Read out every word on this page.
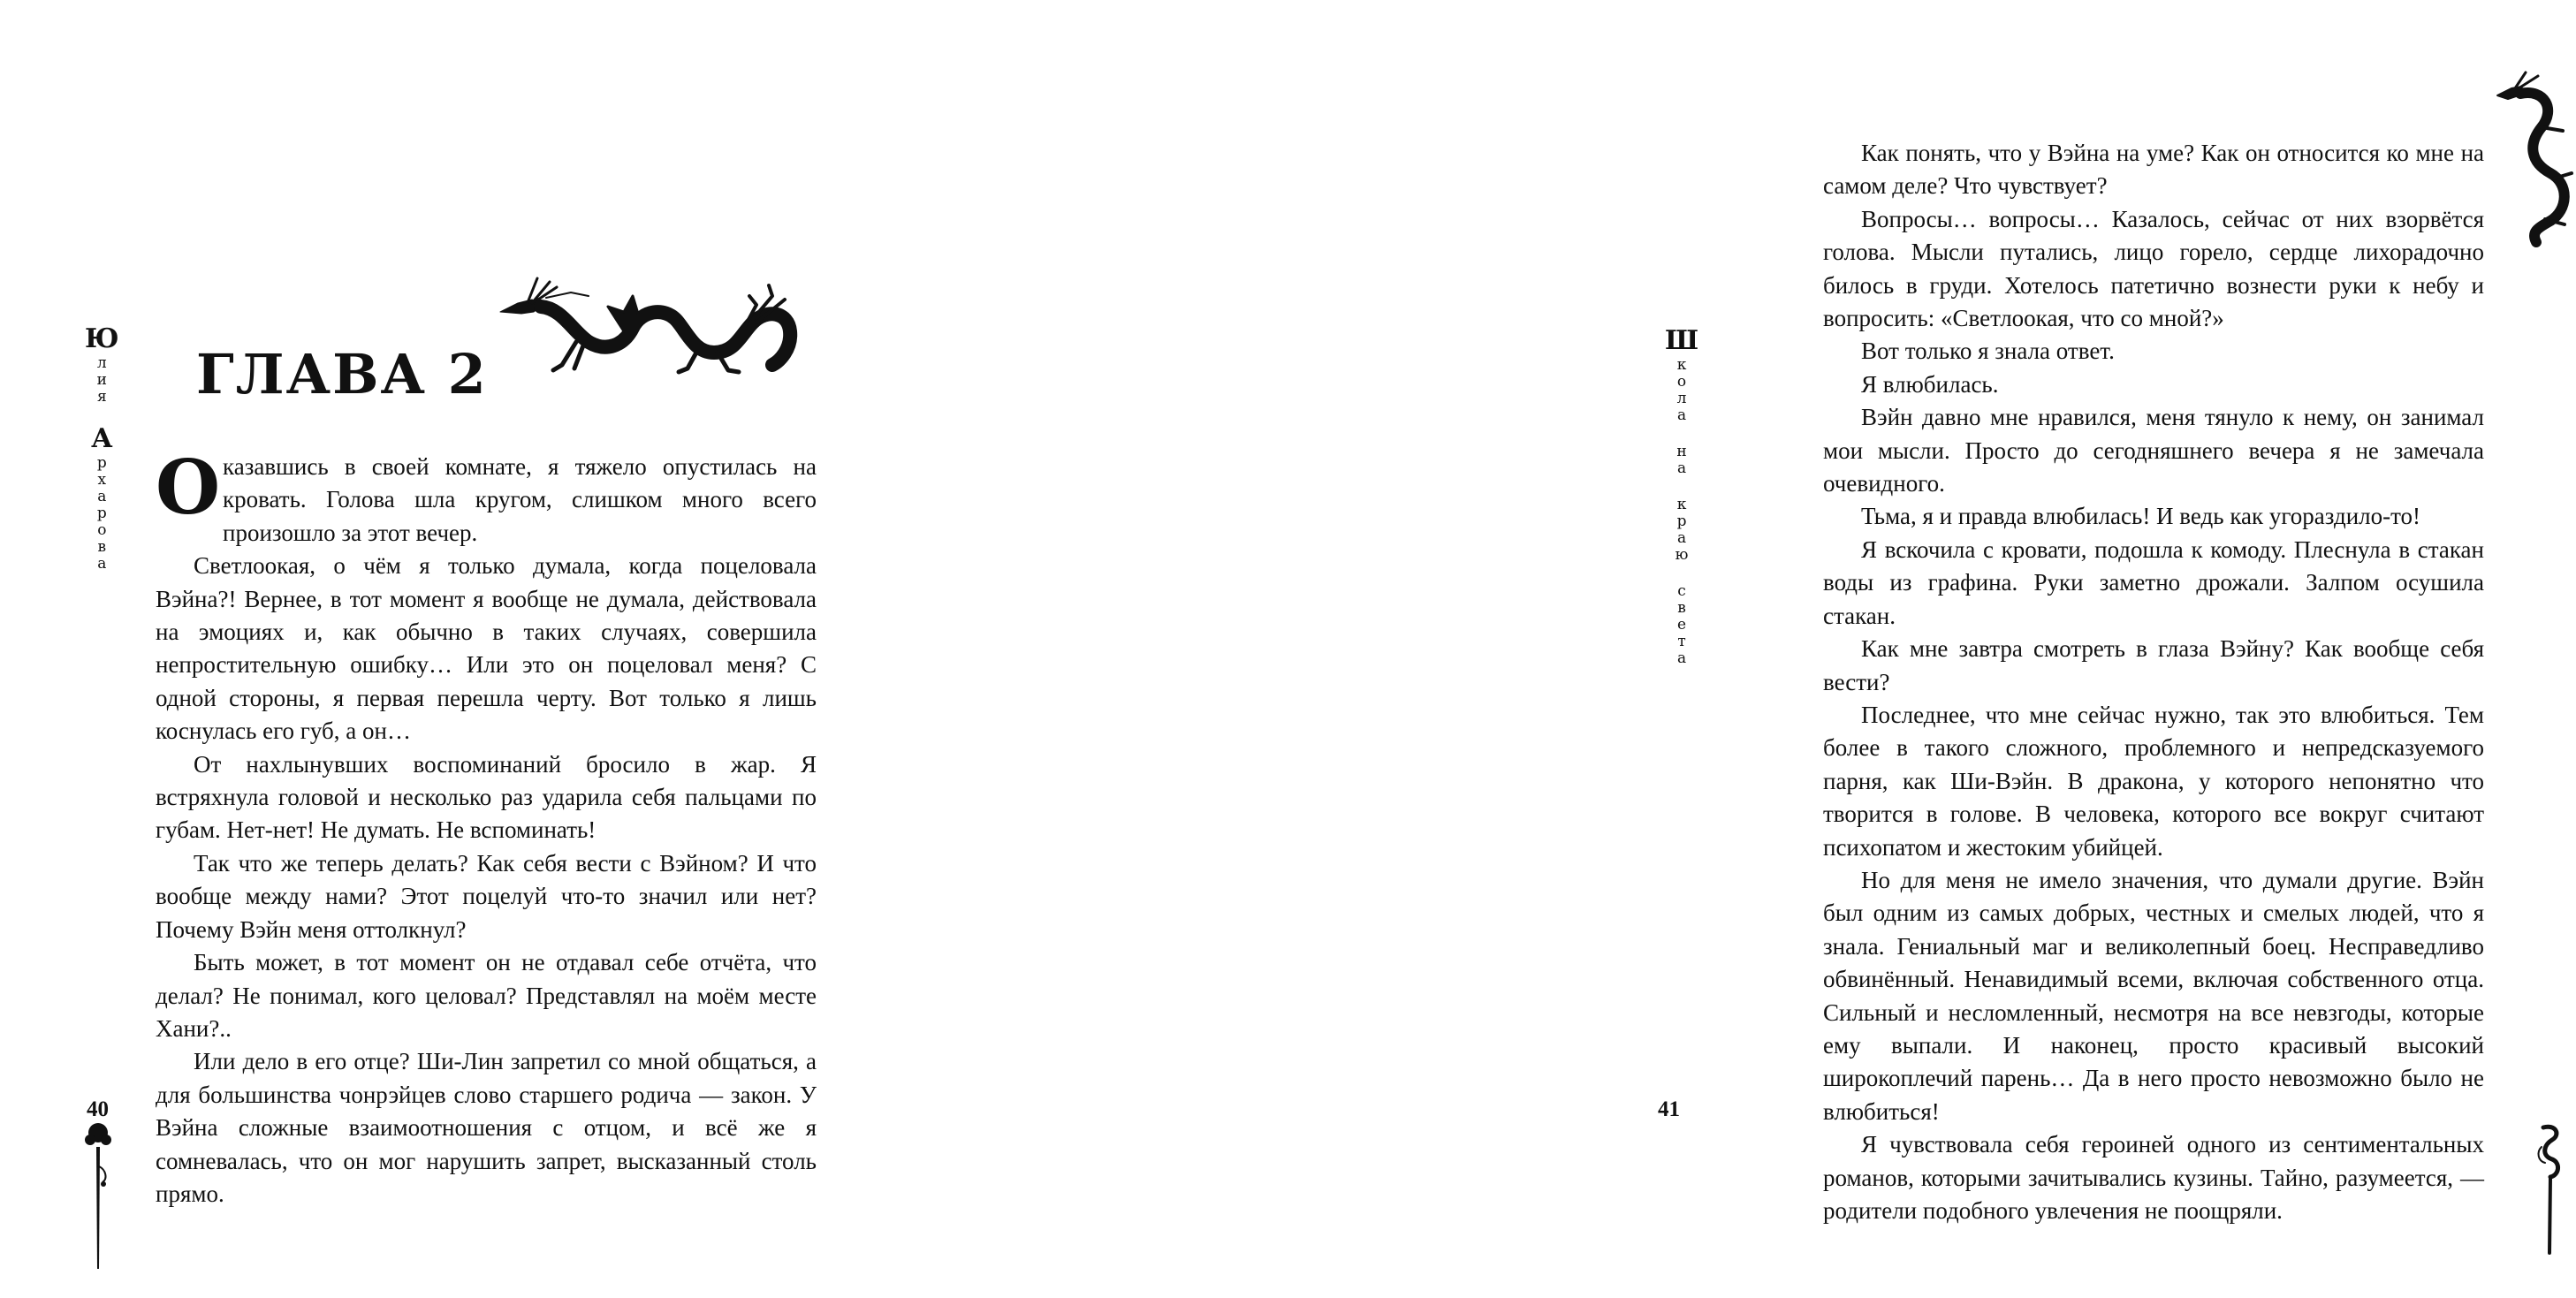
Ю
л
и
я
А
р
х
а
р
о
в
а
ГЛАВА 2

Оказавшись в своей комнате, я тяжело опустилась на кровать. Голова шла кругом, слишком много всего произошло за этот вечер.

Светлоокая, о чём я только думала, когда поцеловала Вэйна?! Вернее, в тот момент я вообще не думала, действовала на эмоциях и, как обычно в таких случаях, совершила непростительную ошибку… Или это он поцеловал меня? С одной стороны, я первая перешла черту. Вот только я лишь коснулась его губ, а он…

От нахлынувших воспоминаний бросило в жар. Я встряхнула головой и несколько раз ударила себя пальцами по губам. Нет-нет! Не думать. Не вспоминать!

Так что же теперь делать? Как себя вести с Вэйном? И что вообще между нами? Этот поцелуй что-то значил или нет? Почему Вэйн меня оттолкнул?

Быть может, в тот момент он не отдавал себе отчёта, что делал? Не понимал, кого целовал? Представлял на моём месте Хани?..

Или дело в его отце? Ши-Лин запретил со мной общаться, а для большинства чонрэйцев слово старшего родича — закон. У Вэйна сложные взаимоотношения с отцом, и всё же я сомневалась, что он мог нарушить запрет, высказанный столь прямо.

40
Ш
к
о
л
а
н
а
к
р
а
ю
с
в
е
т
а

Как понять, что у Вэйна на уме? Как он относится ко мне на самом деле? Что чувствует?

Вопросы… вопросы… Казалось, сейчас от них взорвётся голова. Мысли путались, лицо горело, сердце лихорадочно билось в груди. Хотелось патетично вознести руки к небу и вопросить: «Светлоокая, что со мной?»

Вот только я знала ответ.

Я влюбилась.

Вэйн давно мне нравился, меня тянуло к нему, он занимал мои мысли. Просто до сегодняшнего вечера я не замечала очевидного.

Тьма, я и правда влюбилась! И ведь как угораздило-то!

Я вскочила с кровати, подошла к комоду. Плеснула в стакан воды из графина. Руки заметно дрожали. Залпом осушила стакан.

Как мне завтра смотреть в глаза Вэйну? Как вообще себя вести?

Последнее, что мне сейчас нужно, так это влюбиться. Тем более в такого сложного, проблемного и непредсказуемого парня, как Ши-Вэйн. В дракона, у которого непонятно что творится в голове. В человека, которого все вокруг считают психопатом и жестоким убийцей.

Но для меня не имело значения, что думали другие. Вэйн был одним из самых добрых, честных и смелых людей, что я знала. Гениальный маг и великолепный боец. Несправедливо обвинённый. Ненавидимый всеми, включая собственного отца. Сильный и несломленный, несмотря на все невзгоды, которые ему выпали. И наконец, просто красивый высокий широкоплечий парень… Да в него просто невозможно было не влюбиться!

Я чувствовала себя героиней одного из сентиментальных романов, которыми зачитывались кузины. Тайно, разумеется, — родители подобного увлечения не поощряли.

41
